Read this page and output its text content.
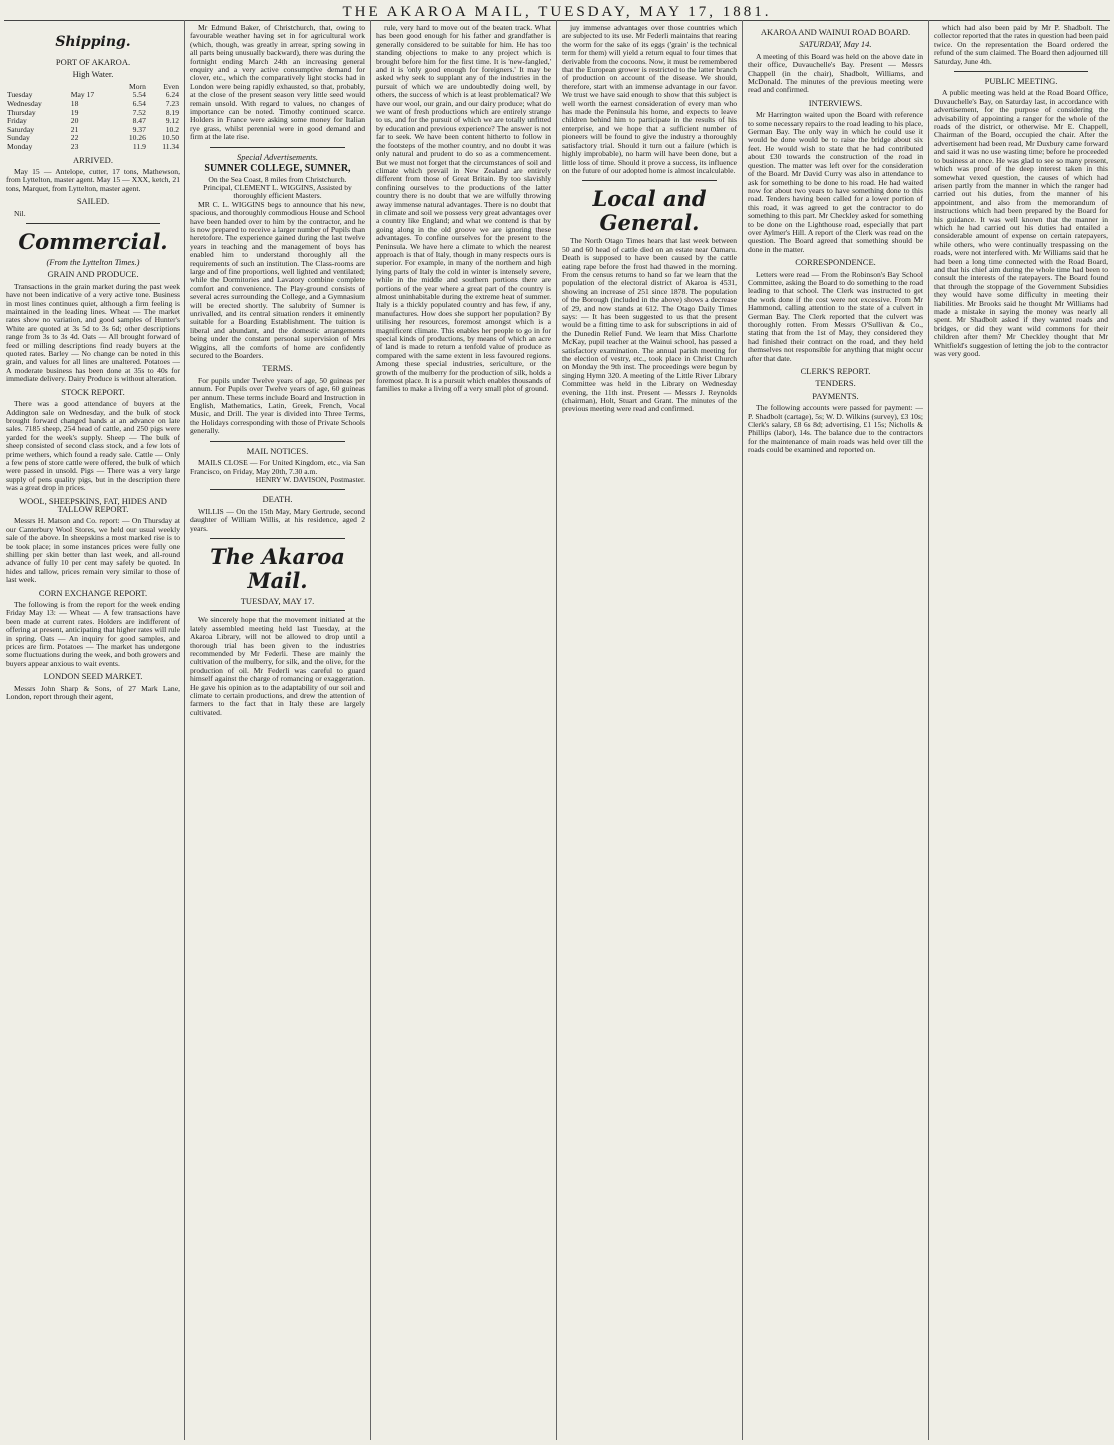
THE AKAROA MAIL, TUESDAY, MAY 17, 1881.
Shipping.
PORT OF AKAROA.
High Water.
		Morn	Even
Tuesday	May 17	5.54	6.24
Wednesday	18	6.54	7.23
Thursday	19	7.52	8.19
Friday	20	8.47	9.12
Saturday	21	9.37	10.2
Sunday	22	10.26	10.50
Monday	23	11.9	11.34
ARRIVED.

May 15 — Antelope, cutter, 17 tons, Mathewson, from Lyttelton, master agent. May 15 — XXX, ketch, 21 tons, Marquet, from Lyttelton, master agent.

SAILED.

Nil.

Commercial.
(From the Lyttelton Times.)
GRAIN AND PRODUCE.

Transactions in the grain market during the past week have not been indicative of a very active tone. Business in most lines continues quiet, although a firm feeling is maintained in the leading lines. Wheat — The market rates show no variation, and good samples of Hunter's White are quoted at 3s 5d to 3s 6d; other descriptions range from 3s to 3s 4d. Oats — All brought forward of feed or milling descriptions find ready buyers at the quoted rates. Barley — No change can be noted in this grain, and values for all lines are unaltered. Potatoes — A moderate business has been done at 35s to 40s for immediate delivery. Dairy Produce is without alteration.

STOCK REPORT.

There was a good attendance of buyers at the Addington sale on Wednesday, and the bulk of stock brought forward changed hands at an advance on late sales. 7185 sheep, 254 head of cattle, and 250 pigs were yarded for the week's supply. Sheep — The bulk of sheep consisted of second class stock, and a few lots of prime wethers, which found a ready sale. Cattle — Only a few pens of store cattle were offered, the bulk of which were passed in unsold. Pigs — There was a very large supply of pens quality pigs, but in the description there was a great drop in prices.

WOOL, SHEEPSKINS, FAT, HIDES AND TALLOW REPORT.

Messrs H. Matson and Co. report: — On Thursday at our Canterbury Wool Stores, we held our usual weekly sale of the above. In sheepskins a most marked rise is to be took place; in some instances prices were fully one shilling per skin better than last week, and all-round advance of fully 10 per cent may safely be quoted. In hides and tallow, prices remain very similar to those of last week.

CORN EXCHANGE REPORT.

The following is from the report for the week ending Friday May 13: — Wheat — A few transactions have been made at current rates. Holders are indifferent of offering at present, anticipating that higher rates will rule in spring. Oats — An inquiry for good samples, and prices are firm. Potatoes — The market has undergone some fluctuations during the week, and both growers and buyers appear anxious to wait events.

LONDON SEED MARKET.

Messrs John Sharp & Sons, of 27 Mark Lane, London, report through their agent,

Mr Edmund Baker, of Christchurch, that, owing to favourable weather having set in for agricultural work (which, though, was greatly in arrear, spring sowing in all parts being unusually backward), there was during the fortnight ending March 24th an increasing general enquiry and a very active consumptive demand for clover, etc., which the comparatively light stocks had in London were being rapidly exhausted, so that, probably, at the close of the present season very little seed would remain unsold. With regard to values, no changes of importance can be noted. Timothy continued scarce. Holders in France were asking some money for Italian rye grass, whilst perennial were in good demand and firm at the late rise.

Special Advertisements.
SUMNER COLLEGE, SUMNER,

On the Sea Coast, 8 miles from Christchurch.

Principal, CLEMENT L. WIGGINS, Assisted by thoroughly efficient Masters.

MR C. L. WIGGINS begs to announce that his new, spacious, and thoroughly commodious House and School have been handed over to him by the contractor, and he is now prepared to receive a larger number of Pupils than heretofore. The experience gained during the last twelve years in teaching and the management of boys has enabled him to understand thoroughly all the requirements of such an institution. The Class-rooms are large and of fine proportions, well lighted and ventilated; while the Dormitories and Lavatory combine complete comfort and convenience. The Play-ground consists of several acres surrounding the College, and a Gymnasium will be erected shortly. The salubrity of Sumner is unrivalled, and its central situation renders it eminently suitable for a Boarding Establishment. The tuition is liberal and abundant, and the domestic arrangements being under the constant personal supervision of Mrs Wiggins, all the comforts of home are confidently secured to the Boarders.

TERMS.

For pupils under Twelve years of age, 50 guineas per annum. For Pupils over Twelve years of age, 60 guineas per annum. These terms include Board and Instruction in English, Mathematics, Latin, Greek, French, Vocal Music, and Drill. The year is divided into Three Terms, the Holidays corresponding with those of Private Schools generally.

MAIL NOTICES.

MAILS CLOSE — For United Kingdom, etc., via San Francisco, on Friday, May 20th, 7.30 a.m.

HENRY W. DAVISON, Postmaster.

DEATH.

WILLIS — On the 15th May, Mary Gertrude, second daughter of William Willis, at his residence, aged 2 years.

The Akaroa Mail.
TUESDAY, MAY 17.

We sincerely hope that the movement initiated at the lately assembled meeting held last Tuesday, at the Akaroa Library, will not be allowed to drop until a thorough trial has been given to the industries recommended by Mr Federli. These are mainly the cultivation of the mulberry, for silk, and the olive, for the production of oil. Mr Federli was careful to guard himself against the charge of romancing or exaggeration. He gave his opinion as to the adaptability of our soil and climate to certain productions, and drew the attention of farmers to the fact that in Italy these are largely cultivated.

rule, very hard to move out of the beaten track. What has been good enough for his father and grandfather is generally considered to be suitable for him. He has too standing objections to make to any project which is brought before him for the first time. It is 'new-fangled,' and it is 'only good enough for foreigners.' It may be asked why seek to supplant any of the industries in the pursuit of which we are undoubtedly doing well, by others, the success of which is at least problematical? We have our wool, our grain, and our dairy produce; what do we want of fresh productions which are entirely strange to us, and for the pursuit of which we are totally unfitted by education and previous experience? The answer is not far to seek. We have been content hitherto to follow in the footsteps of the mother country, and no doubt it was only natural and prudent to do so as a commencement. But we must not forget that the circumstances of soil and climate which prevail in New Zealand are entirely different from those of Great Britain. By too slavishly confining ourselves to the productions of the latter country there is no doubt that we are wilfully throwing away immense natural advantages. There is no doubt that in climate and soil we possess very great advantages over a country like England; and what we contend is that by going along in the old groove we are ignoring these advantages. To confine ourselves for the present to the Peninsula. We have here a climate to which the nearest approach is that of Italy, though in many respects ours is superior. For example, in many of the northern and high lying parts of Italy the cold in winter is intensely severe, while in the middle and southern portions there are portions of the year where a great part of the country is almost uninhabitable during the extreme heat of summer. Italy is a thickly populated country and has few, if any, manufactures. How does she support her population? By utilising her resources, foremost amongst which is a magnificent climate. This enables her people to go in for special kinds of productions, by means of which an acre of land is made to return a tenfold value of produce as compared with the same extent in less favoured regions. Among these special industries, sericulture, or the growth of the mulberry for the production of silk, holds a foremost place. It is a pursuit which enables thousands of families to make a living off a very small plot of ground.

juy immense advantages over those countries which are subjected to its use. Mr Federli maintains that rearing the worm for the sake of its eggs ('grain' is the technical term for them) will yield a return equal to four times that derivable from the cocoons. Now, it must be remembered that the European grower is restricted to the latter branch of production on account of the disease. We should, therefore, start with an immense advantage in our favor. We trust we have said enough to show that this subject is well worth the earnest consideration of every man who has made the Peninsula his home, and expects to leave children behind him to participate in the results of his enterprise, and we hope that a sufficient number of pioneers will be found to give the industry a thoroughly satisfactory trial. Should it turn out a failure (which is highly improbable), no harm will have been done, but a little loss of time. Should it prove a success, its influence on the future of our adopted home is almost incalculable.

Local and General.

The North Otago Times hears that last week between 50 and 60 head of cattle died on an estate near Oamaru. Death is supposed to have been caused by the cattle eating rape before the frost had thawed in the morning. From the census returns to hand so far we learn that the population of the electoral district of Akaroa is 4531, showing an increase of 251 since 1878. The population of the Borough (included in the above) shows a decrease of 29, and now stands at 612. The Otago Daily Times says: — It has been suggested to us that the present would be a fitting time to ask for subscriptions in aid of the Dunedin Relief Fund. We learn that Miss Charlotte McKay, pupil teacher at the Wainui school, has passed a satisfactory examination. The annual parish meeting for the election of vestry, etc., took place in Christ Church on Monday the 9th inst. The proceedings were begun by singing Hymn 320. A meeting of the Little River Library Committee was held in the Library on Wednesday evening, the 11th inst. Present — Messrs J. Reynolds (chairman), Holt, Stuart and Grant. The minutes of the previous meeting were read and confirmed.

AKAROA AND WAINUI ROAD BOARD.
SATURDAY, May 14.

A meeting of this Board was held on the above date in their office, Duvauchelle's Bay. Present — Messrs Chappell (in the chair), Shadbolt, Williams, and McDonald. The minutes of the previous meeting were read and confirmed.

INTERVIEWS.

Mr Harrington waited upon the Board with reference to some necessary repairs to the road leading to his place, German Bay. The only way in which he could use it would be done would be to raise the bridge about six feet. He would wish to state that he had contributed about £30 towards the construction of the road in question. The matter was left over for the consideration of the Board. Mr David Curry was also in attendance to ask for something to be done to his road. He had waited now for about two years to have something done to this road. Tenders having been called for a lower portion of this road, it was agreed to get the contractor to do something to this part. Mr Checkley asked for something to be done on the Lighthouse road, especially that part over Aylmer's Hill. A report of the Clerk was read on the question. The Board agreed that something should be done in the matter.

CORRESPONDENCE.

Letters were read — From the Robinson's Bay School Committee, asking the Board to do something to the road leading to that school. The Clerk was instructed to get the work done if the cost were not excessive. From Mr Hammond, calling attention to the state of a culvert in German Bay. The Clerk reported that the culvert was thoroughly rotten. From Messrs O'Sullivan & Co., stating that from the 1st of May, they considered they had finished their contract on the road, and they held themselves not responsible for anything that might occur after that date.

CLERK'S REPORT.
TENDERS.
PAYMENTS.

The following accounts were passed for payment: — P. Shadbolt (cartage), 5s; W. D. Wilkins (survey), £3 10s; Clerk's salary, £8 6s 8d; advertising, £1 15s; Nicholls & Phillips (labor), 14s. The balance due to the contractors for the maintenance of main roads was held over till the roads could be examined and reported on.

which had also been paid by Mr P. Shadbolt. The collector reported that the rates in question had been paid twice. On the representation the Board ordered the refund of the sum claimed. The Board then adjourned till Saturday, June 4th.

PUBLIC MEETING.

A public meeting was held at the Road Board Office, Duvauchelle's Bay, on Saturday last, in accordance with advertisement, for the purpose of considering the advisability of appointing a ranger for the whole of the roads of the district, or otherwise. Mr E. Chappell, Chairman of the Board, occupied the chair. After the advertisement had been read, Mr Duxbury came forward and said it was no use wasting time; before he proceeded to business at once. He was glad to see so many present, which was proof of the deep interest taken in this somewhat vexed question, the causes of which had arisen partly from the manner in which the ranger had carried out his duties, from the manner of his appointment, and also from the memorandum of instructions which had been prepared by the Board for his guidance. It was well known that the manner in which he had carried out his duties had entailed a considerable amount of expense on certain ratepayers, while others, who were continually trespassing on the roads, were not interfered with. Mr Williams said that he had been a long time connected with the Road Board, and that his chief aim during the whole time had been to consult the interests of the ratepayers. The Board found that through the stoppage of the Government Subsidies they would have some difficulty in meeting their liabilities. Mr Brooks said he thought Mr Williams had made a mistake in saying the money was nearly all spent. Mr Shadbolt asked if they wanted roads and bridges, or did they want wild commons for their children after them? Mr Checkley thought that Mr Whitfield's suggestion of letting the job to the contractor was very good.
